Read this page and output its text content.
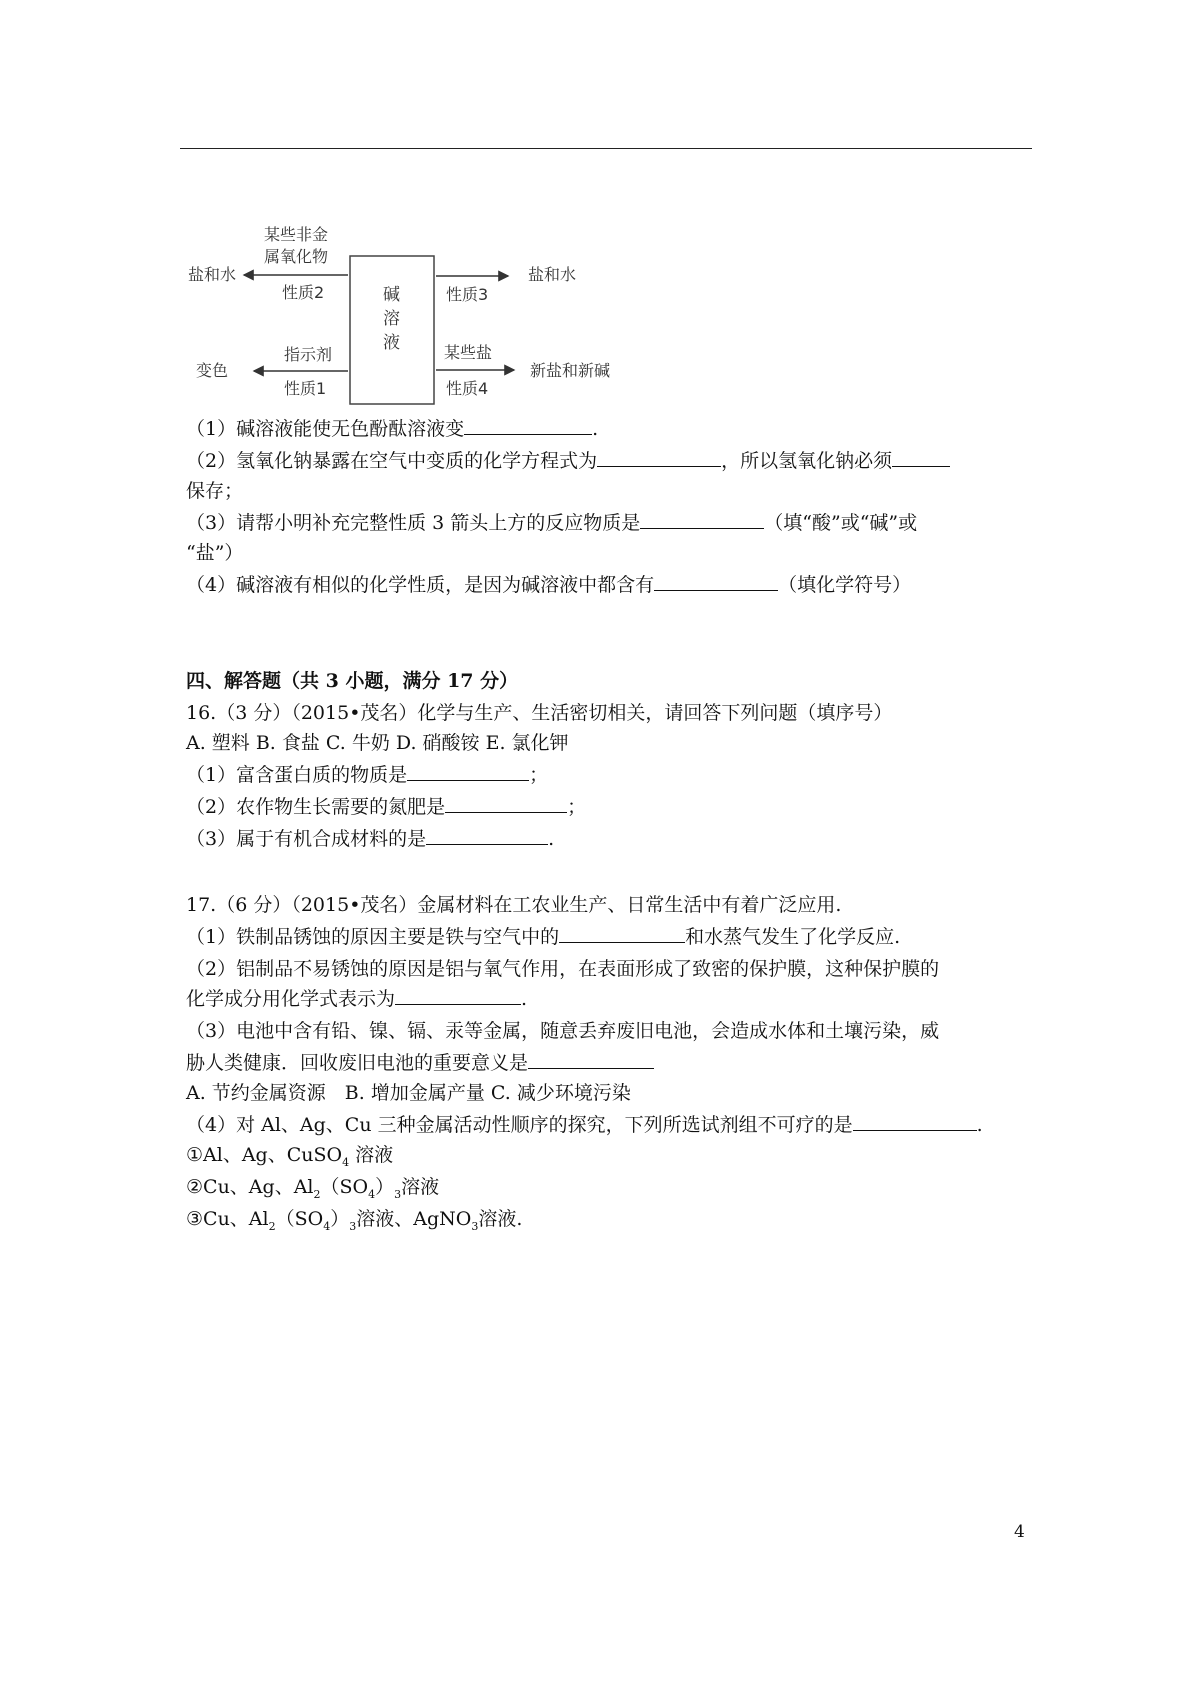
碱
溶
液
某些非金
属氧化物
性质2
盐和水
指示剂
性质1
变色
性质3
盐和水
某些盐
性质4
新盐和新碱
（1）碱溶液能使无色酚酞溶液变	.
（2）氢氧化钠暴露在空气中变质的化学方程式为	，所以氢氧化钠必须
保存；
（3）请帮小明补充完整性质 3 箭头上方的反应物质是	（填“酸”或“碱”或
“盐”）
（4）碱溶液有相似的化学性质，是因为碱溶液中都含有	（填化学符号）
四、解答题（共 3 小题，满分 17 分）
16.（3 分）（2015•茂名）化学与生产、生活密切相关，请回答下列问题（填序号）
A. 塑料 B. 食盐 C. 牛奶 D. 硝酸铵 E. 氯化钾
（1）富含蛋白质的物质是	；
（2）农作物生长需要的氮肥是	；
（3）属于有机合成材料的是	.
17.（6 分）（2015•茂名）金属材料在工农业生产、日常生活中有着广泛应用.
（1）铁制品锈蚀的原因主要是铁与空气中的	和水蒸气发生了化学反应.
（2）铝制品不易锈蚀的原因是铝与氧气作用，在表面形成了致密的保护膜，这种保护膜的
化学成分用化学式表示为	.
（3）电池中含有铅、镍、镉、汞等金属，随意丢弃废旧电池，会造成水体和土壤污染，威
胁人类健康．回收废旧电池的重要意义是
A. 节约金属资源　B. 增加金属产量 C. 减少环境污染
（4）对 Al、Ag、Cu 三种金属活动性顺序的探究，下列所选试剂组不可疗的是	.
①Al、Ag、CuSO$_4$ 溶液
②Cu、Ag、$Al_2(SO_4)_3$溶液
③Cu、$Al_2(SO_4)_3$溶液、AgNO$_3$溶液.
4
